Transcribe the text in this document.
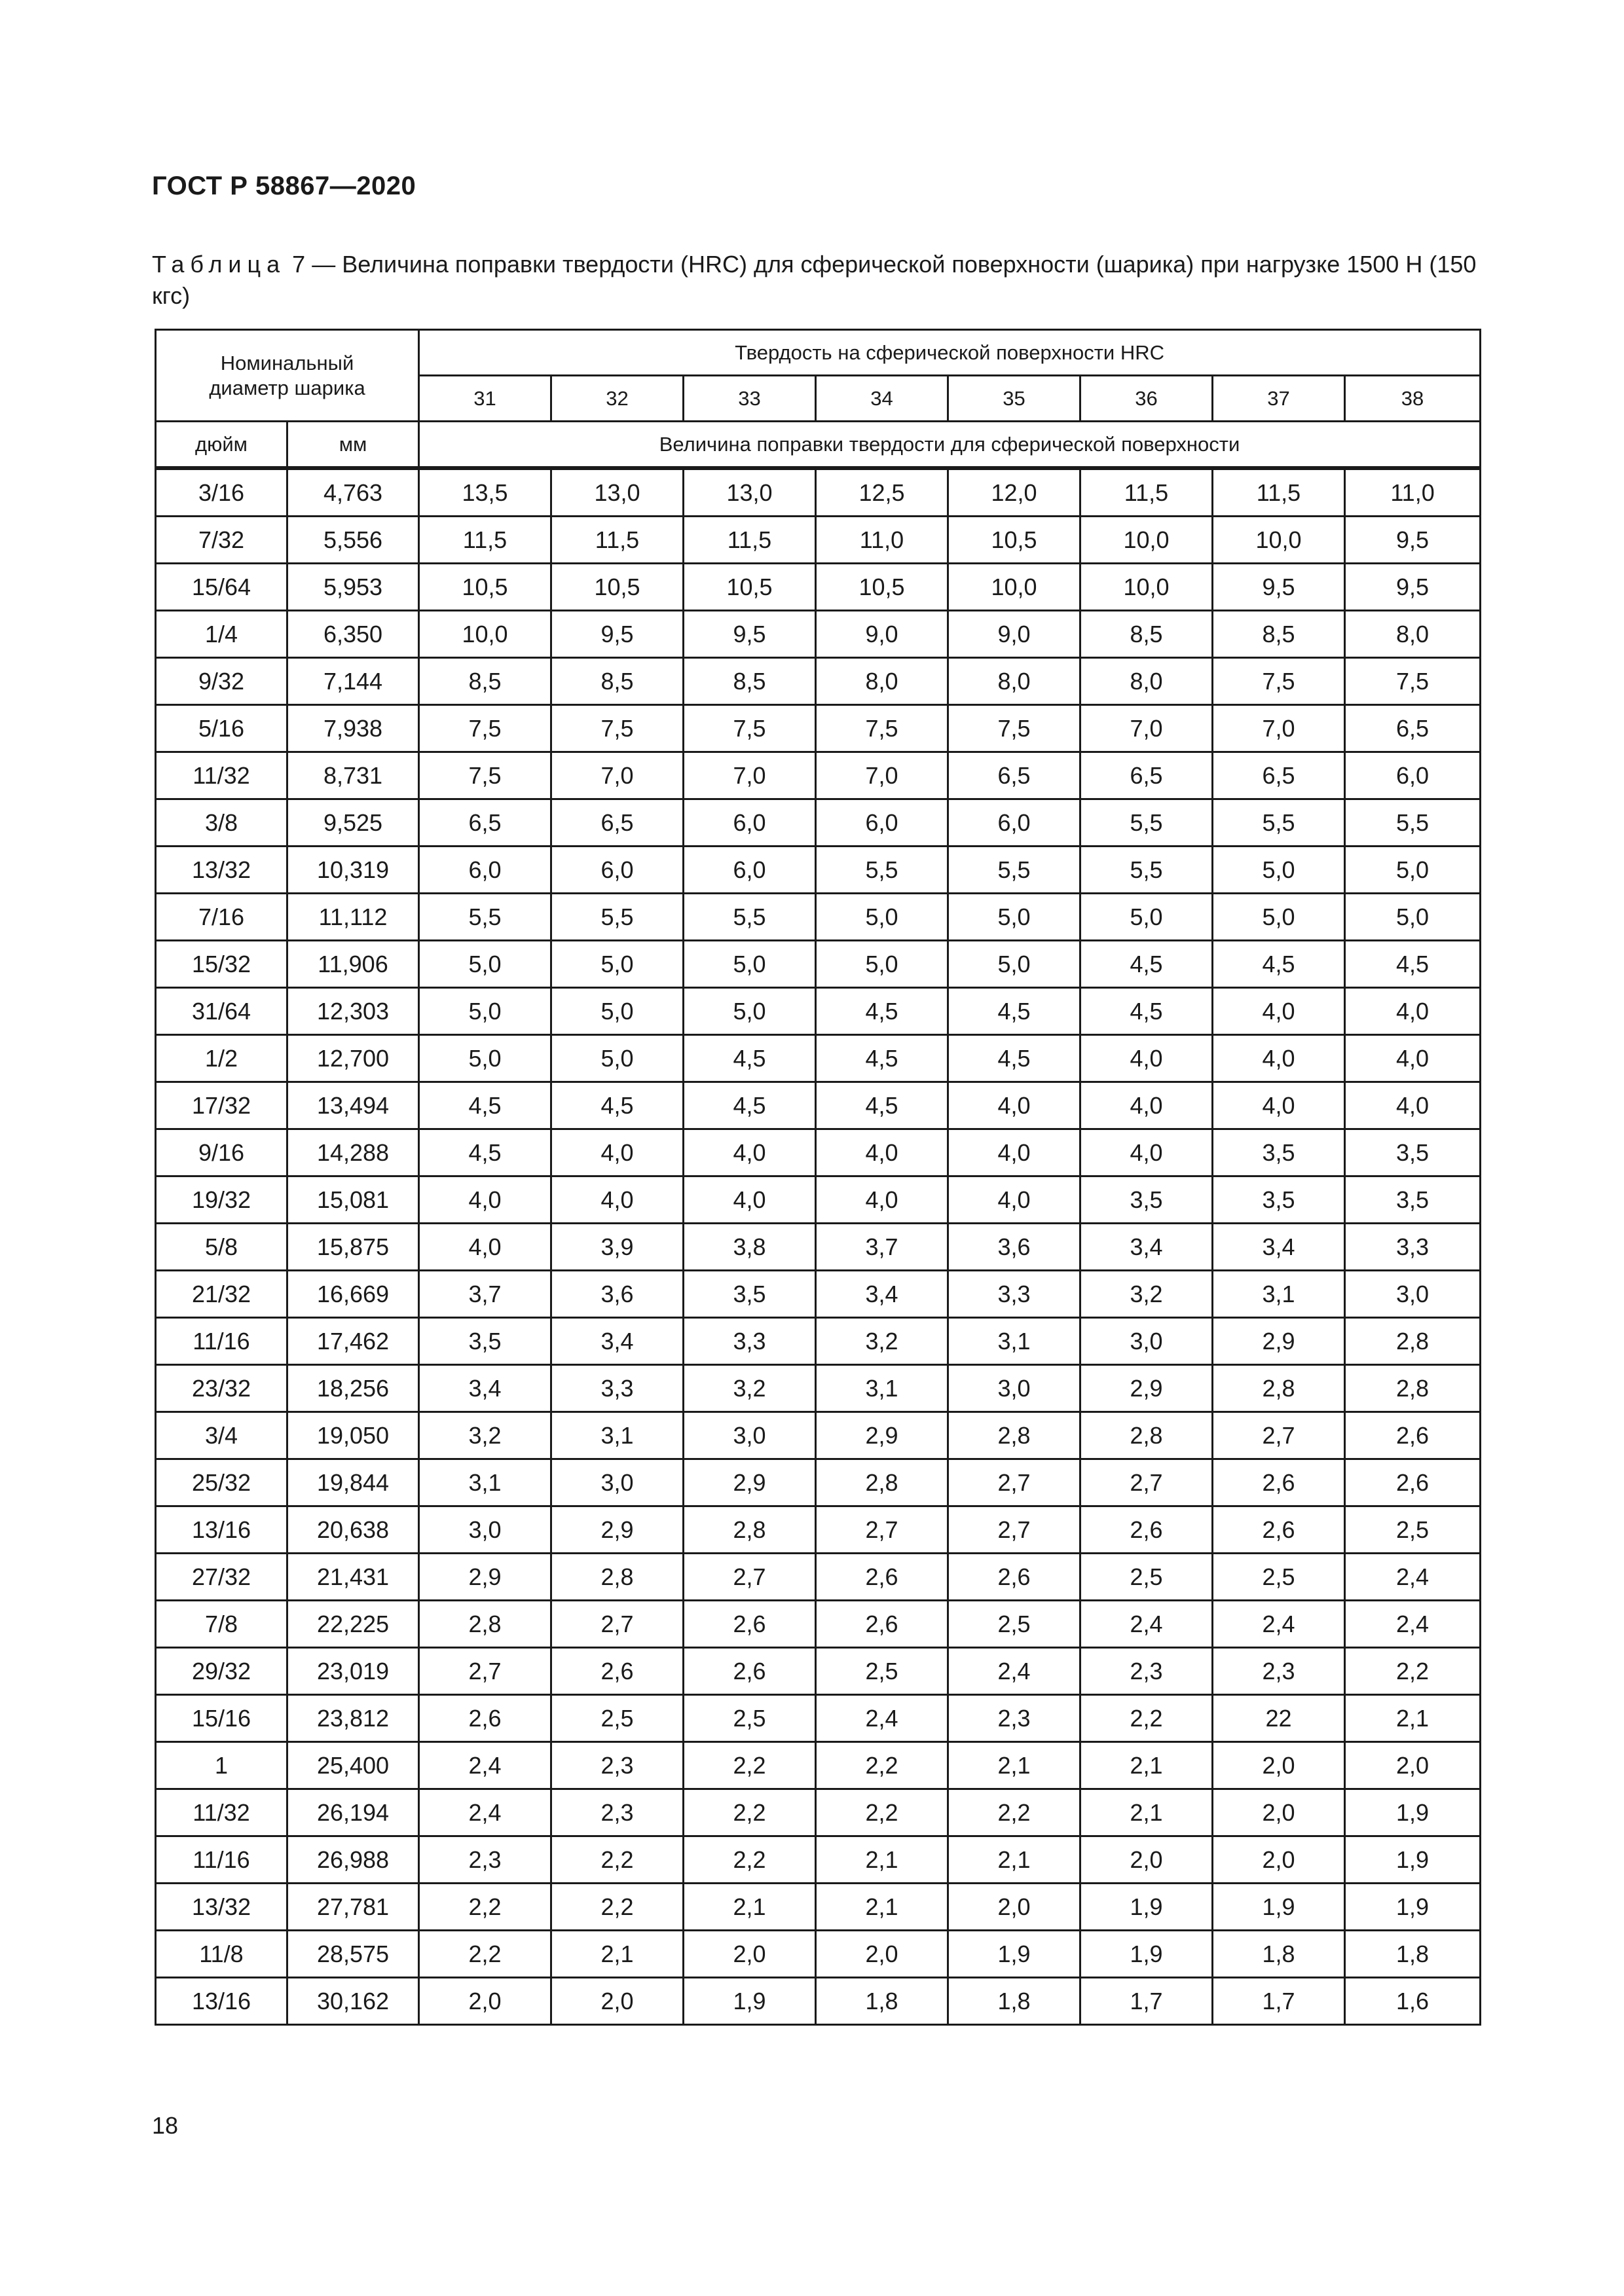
ГОСТ Р 58867—2020
Таблица 7 — Величина поправки твердости (HRC) для сферической поверхности (шарика) при нагрузке 1500 Н (150 кгс)
Номинальный диаметр шарика		Твердость на сферической поверхности HRC							
		31	32	33	34	35	36	37	38
дюйм	мм	Величина поправки твердости для сферической поверхности							
3/16	4,763	13,5	13,0	13,0	12,5	12,0	11,5	11,5	11,0
7/32	5,556	11,5	11,5	11,5	11,0	10,5	10,0	10,0	9,5
15/64	5,953	10,5	10,5	10,5	10,5	10,0	10,0	9,5	9,5
1/4	6,350	10,0	9,5	9,5	9,0	9,0	8,5	8,5	8,0
9/32	7,144	8,5	8,5	8,5	8,0	8,0	8,0	7,5	7,5
5/16	7,938	7,5	7,5	7,5	7,5	7,5	7,0	7,0	6,5
11/32	8,731	7,5	7,0	7,0	7,0	6,5	6,5	6,5	6,0
3/8	9,525	6,5	6,5	6,0	6,0	6,0	5,5	5,5	5,5
13/32	10,319	6,0	6,0	6,0	5,5	5,5	5,5	5,0	5,0
7/16	11,112	5,5	5,5	5,5	5,0	5,0	5,0	5,0	5,0
15/32	11,906	5,0	5,0	5,0	5,0	5,0	4,5	4,5	4,5
31/64	12,303	5,0	5,0	5,0	4,5	4,5	4,5	4,0	4,0
1/2	12,700	5,0	5,0	4,5	4,5	4,5	4,0	4,0	4,0
17/32	13,494	4,5	4,5	4,5	4,5	4,0	4,0	4,0	4,0
9/16	14,288	4,5	4,0	4,0	4,0	4,0	4,0	3,5	3,5
19/32	15,081	4,0	4,0	4,0	4,0	4,0	3,5	3,5	3,5
5/8	15,875	4,0	3,9	3,8	3,7	3,6	3,4	3,4	3,3
21/32	16,669	3,7	3,6	3,5	3,4	3,3	3,2	3,1	3,0
11/16	17,462	3,5	3,4	3,3	3,2	3,1	3,0	2,9	2,8
23/32	18,256	3,4	3,3	3,2	3,1	3,0	2,9	2,8	2,8
3/4	19,050	3,2	3,1	3,0	2,9	2,8	2,8	2,7	2,6
25/32	19,844	3,1	3,0	2,9	2,8	2,7	2,7	2,6	2,6
13/16	20,638	3,0	2,9	2,8	2,7	2,7	2,6	2,6	2,5
27/32	21,431	2,9	2,8	2,7	2,6	2,6	2,5	2,5	2,4
7/8	22,225	2,8	2,7	2,6	2,6	2,5	2,4	2,4	2,4
29/32	23,019	2,7	2,6	2,6	2,5	2,4	2,3	2,3	2,2
15/16	23,812	2,6	2,5	2,5	2,4	2,3	2,2	22	2,1
1	25,400	2,4	2,3	2,2	2,2	2,1	2,1	2,0	2,0
11/32	26,194	2,4	2,3	2,2	2,2	2,2	2,1	2,0	1,9
11/16	26,988	2,3	2,2	2,2	2,1	2,1	2,0	2,0	1,9
13/32	27,781	2,2	2,2	2,1	2,1	2,0	1,9	1,9	1,9
11/8	28,575	2,2	2,1	2,0	2,0	1,9	1,9	1,8	1,8
13/16	30,162	2,0	2,0	1,9	1,8	1,8	1,7	1,7	1,6
18
